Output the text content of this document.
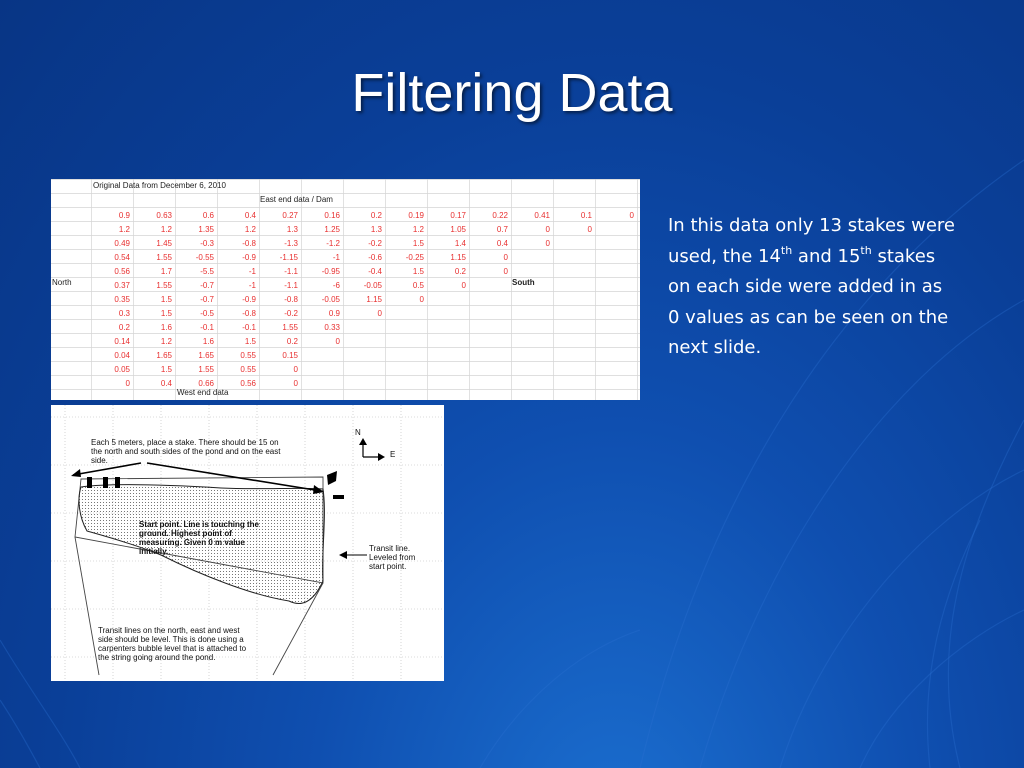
Filtering Data
0.9	0.63	0.6	0.4	0.27	0.16	0.2	0.19	0.17	0.22	0.41	0.1	0
1.2	1.2	1.35	1.2	1.3	1.25	1.3	1.2	1.05	0.7	0	0
0.49	1.45	-0.3	-0.8	-1.3	-1.2	-0.2	1.5	1.4	0.4	0
0.54	1.55	-0.55	-0.9	-1.15	-1	-0.6	-0.25	1.15	0
0.56	1.7	-5.5	-1	-1.1	-0.95	-0.4	1.5	0.2	0
0.37	1.55	-0.7	-1	-1.1	-6	-0.05	0.5	0
0.35	1.5	-0.7	-0.9	-0.8	-0.05	1.15	0
0.3	1.5	-0.5	-0.8	-0.2	0.9	0
0.2	1.6	-0.1	-0.1	1.55	0.33
0.14	1.2	1.6	1.5	0.2	0
0.04	1.65	1.65	0.55	0.15
0.05	1.5	1.55	0.55	0
0	0.4	0.66	0.56	0
Original Data from December 6, 2010
East end data / Dam
North	South
West end data
N
E
Each 5 meters, place a stake. There should be 15 on
the north and south sides of the pond and on the east
side.
Start point. Line is touching the
ground. Highest point of
measuring. Given 0 m value
initially.	Transit line.
Leveled from
start point.
Transit lines on the north, east and west
side should be level. This is done using a
carpenters bubble level that is attached to
the string going around the pond.
In this data only 13 stakes were used, the 14th and 15th stakes on each side were added in as 0 values as can be seen on the next slide.
